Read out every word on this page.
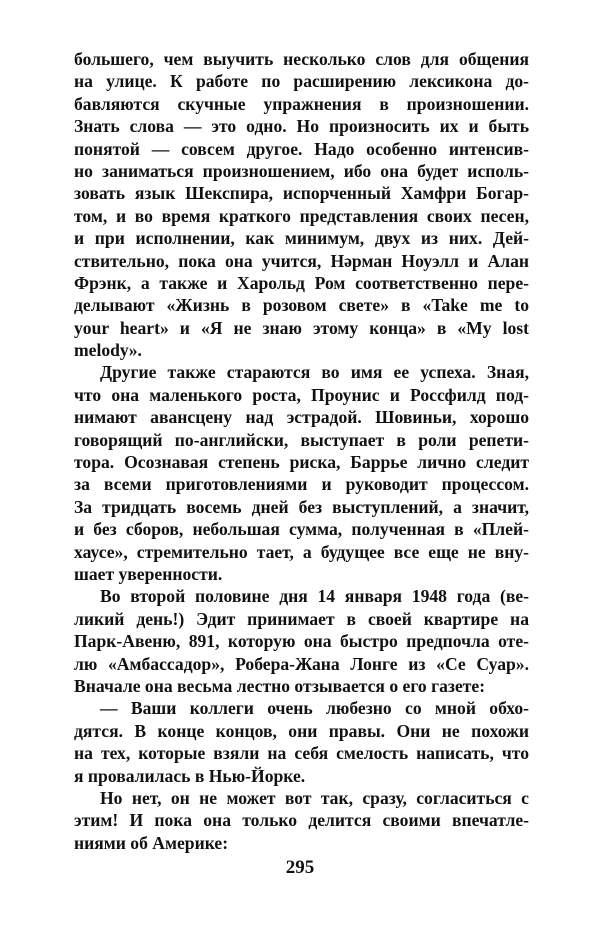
большего, чем выучить несколько слов для общения
на улице. К работе по расширению лексикона до-
бавляются скучные упражнения в произношении.
Знать слова — это одно. Но произносить их и быть
понятой — совсем другое. Надо особенно интенсив-
но заниматься произношением, ибо она будет исполь-
зовать язык Шекспира, испорченный Хамфри Богар-
том, и во время краткого представления своих песен,
и при исполнении, как минимум, двух из них. Дей-
ствительно, пока она учится, Нəрман Ноуэлл и Алан
Фрэнк, а также и Харольд Ром соответственно пере-
делывают «Жизнь в розовом свете» в «Take me to
your heart» и «Я не знаю этому конца» в «My lost
melody».
Другие также стараются во имя ее успеха. Зная,
что она маленького роста, Проунис и Россфилд под-
нимают авансцену над эстрадой. Шовиньи, хорошо
говорящий по-английски, выступает в роли репети-
тора. Осознавая степень риска, Баррье лично следит
за всеми приготовлениями и руководит процессом.
За тридцать восемь дней без выступлений, а значит,
и без сборов, небольшая сумма, полученная в «Плей-
хаусе», стремительно тает, а будущее все еще не вну-
шает уверенности.
Во второй половине дня 14 января 1948 года (ве-
ликий день!) Эдит принимает в своей квартире на
Парк-Авеню, 891, которую она быстро предпочла оте-
лю «Амбассадор», Робера-Жана Лонге из «Се Суар».
Вначале она весьма лестно отзывается о его газете:
— Ваши коллеги очень любезно со мной обхо-
дятся. В конце концов, они правы. Они не похожи
на тех, которые взяли на себя смелость написать, что
я провалилась в Нью-Йорке.
Но нет, он не может вот так, сразу, согласиться с
этим! И пока она только делится своими впечатле-
ниями об Америке:
295
